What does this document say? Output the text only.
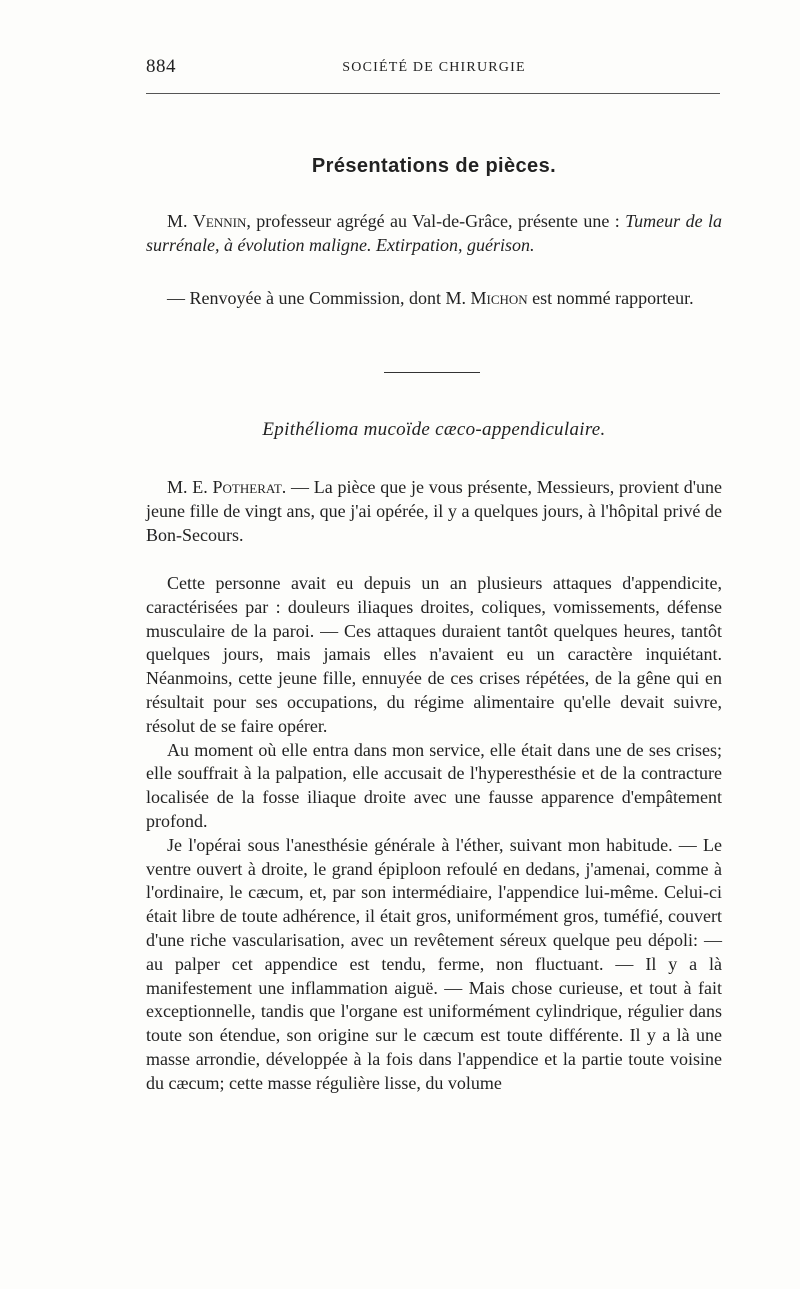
884	SOCIÉTÉ DE CHIRURGIE
Présentations de pièces.
M. Vennin, professeur agrégé au Val-de-Grâce, présente une : Tumeur de la surrénale, à évolution maligne. Extirpation, guérison.
— Renvoyée à une Commission, dont M. Michon est nommé rapporteur.
Epithélioma mucoïde cæco-appendiculaire.
M. E. Potherat. — La pièce que je vous présente, Messieurs, provient d'une jeune fille de vingt ans, que j'ai opérée, il y a quelques jours, à l'hôpital privé de Bon-Secours.

Cette personne avait eu depuis un an plusieurs attaques d'appendicite, caractérisées par : douleurs iliaques droites, coliques, vomissements, défense musculaire de la paroi. — Ces attaques duraient tantôt quelques heures, tantôt quelques jours, mais jamais elles n'avaient eu un caractère inquiétant. Néanmoins, cette jeune fille, ennuyée de ces crises répétées, de la gêne qui en résultait pour ses occupations, du régime alimentaire qu'elle devait suivre, résolut de se faire opérer.

Au moment où elle entra dans mon service, elle était dans une de ses crises; elle souffrait à la palpation, elle accusait de l'hyperesthésie et de la contracture localisée de la fosse iliaque droite avec une fausse apparence d'empâtement profond.

Je l'opérai sous l'anesthésie générale à l'éther, suivant mon habitude. — Le ventre ouvert à droite, le grand épiploon refoulé en dedans, j'amenai, comme à l'ordinaire, le cæcum, et, par son intermédiaire, l'appendice lui-même. Celui-ci était libre de toute adhérence, il était gros, uniformément gros, tuméfié, couvert d'une riche vascularisation, avec un revêtement séreux quelque peu dépoli: — au palper cet appendice est tendu, ferme, non fluctuant. — Il y a là manifestement une inflammation aiguë. — Mais chose curieuse, et tout à fait exceptionnelle, tandis que l'organe est uniformément cylindrique, régulier dans toute son étendue, son origine sur le cæcum est toute différente. Il y a là une masse arrondie, développée à la fois dans l'appendice et la partie toute voisine du cæcum; cette masse régulière lisse, du volume
